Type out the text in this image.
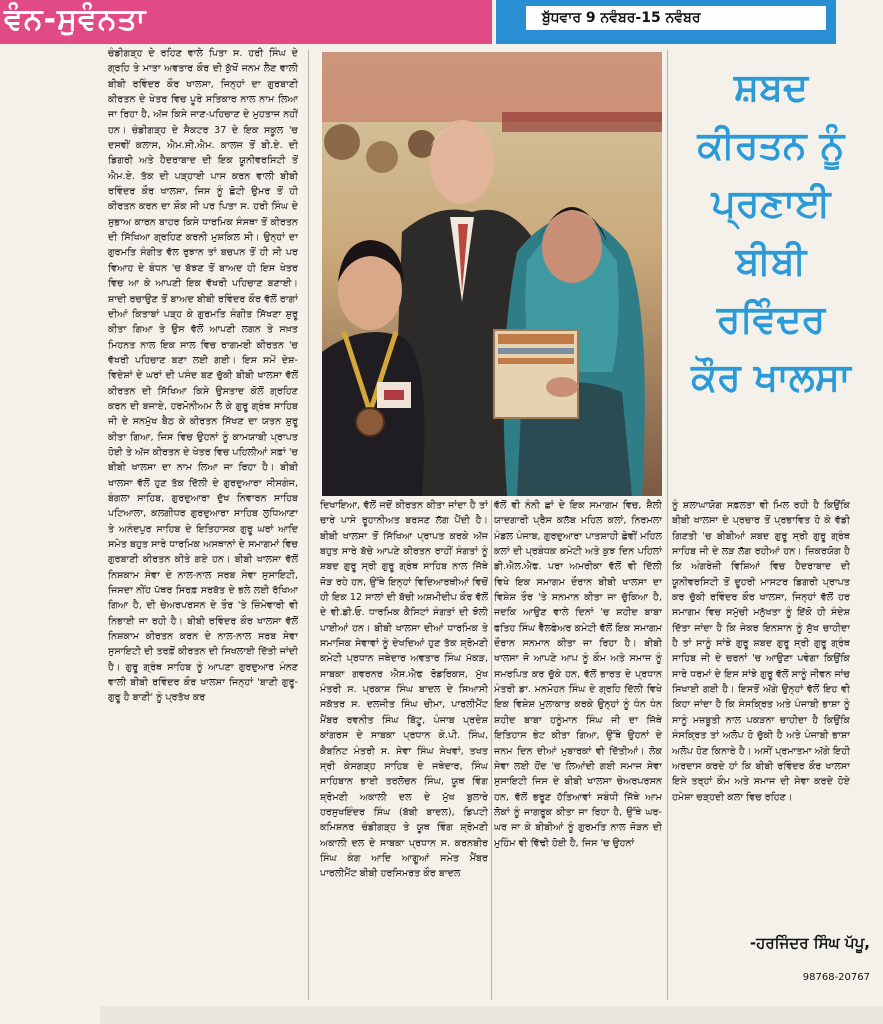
ਵੰਨ-ਸੁਵੰਨਤਾ	ਬੁੱਧਵਾਰ 9 ਨਵੰਬਰ-15 ਨਵੰਬਰ

ਚੰਡੀਗੜ੍ਹ ਦੇ ਰਹਿਣ ਵਾਲੇ ਪਿਤਾ ਸ. ਹਰੀ ਸਿੰਘ ਦੇ ਗ੍ਰਹਿ ਤੇ ਮਾਤਾ ਅਵਤਾਰ ਕੌਰ ਦੀ ਕੁੱਖੋਂ ਜਨਮ ਲੈਣ ਵਾਲੀ ਬੀਬੀ ਰਵਿੰਦਰ ਕੌਰ ਖਾਲਸਾ, ਜਿਨ੍ਹਾਂ ਦਾ ਗੁਰਬਾਣੀ ਕੀਰਤਨ ਦੇ ਖੇਤਰ ਵਿਚ ਪੂਰੇ ਸਤਿਕਾਰ ਨਾਲ ਨਾਮ ਲਿਆ ਜਾ ਰਿਹਾ ਹੈ, ਅੱਜ ਕਿਸੇ ਜਾਣ-ਪਹਿਚਾਣ ਦੇ ਮੁਹਤਾਜ ਨਹੀਂ ਹਨ। ਚੰਡੀਗੜ੍ਹ ਦੇ ਸੈਕਟਰ 37 ਦੇ ਇਕ ਸਕੂਲ 'ਚ ਦਸਵੀਂ ਕਲਾਸ, ਐਮ.ਸੀ.ਐਮ. ਕਾਲਜ ਤੋਂ ਬੀ.ਏ. ਦੀ ਡਿਗਰੀ ਅਤੇ ਹੈਦਰਾਬਾਦ ਦੀ ਇਕ ਯੂਨੀਵਰਸਿਟੀ ਤੋਂ ਐਮ.ਏ. ਤੱਕ ਦੀ ਪੜ੍ਹਾਈ ਪਾਸ ਕਰਨ ਵਾਲੀ ਬੀਬੀ ਰਵਿੰਦਰ ਕੌਰ ਖਾਲਸਾ, ਜਿਸ ਨੂੰ ਛੋਟੀ ਉਮਰ ਤੋਂ ਹੀ ਕੀਰਤਨ ਕਰਨ ਦਾ ਸ਼ੌਕ ਸੀ ਪਰ ਪਿਤਾ ਸ. ਹਰੀ ਸਿੰਘ ਦੇ ਸੁਭਾਅ ਕਾਰਨ ਬਾਹਰ ਕਿਸੇ ਧਾਰਮਿਕ ਸੰਸਥਾ ਤੋਂ ਕੀਰਤਨ ਦੀ ਸਿੱਖਿਆ ਗ੍ਰਹਿਣ ਕਰਨੀ ਮੁਸ਼ਕਿਲ ਸੀ। ਉਨ੍ਹਾਂ ਦਾ ਗੁਰਮਤਿ ਸੰਗੀਤ ਵੱਲ ਰੁਝਾਨ ਤਾਂ ਬਚਪਨ ਤੋਂ ਹੀ ਸੀ ਪਰ ਵਿਆਹ ਦੇ ਬੰਧਨ 'ਚ ਬੱਝਣ ਤੋਂ ਬਾਅਦ ਹੀ ਇਸ ਖੇਤਰ ਵਿਚ ਆ ਕੇ ਆਪਣੀ ਇਕ ਵੱਖਰੀ ਪਹਿਚਾਣ ਬਣਾਈ। ਸ਼ਾਦੀ ਰਚਾਉਣ ਤੋਂ ਬਾਅਦ ਬੀਬੀ ਰਵਿੰਦਰ ਕੌਰ ਵੱਲੋਂ ਰਾਗਾਂ ਦੀਆਂ ਕਿਤਾਬਾਂ ਪੜ੍ਹ ਕੇ ਗੁਰਮਤਿ ਸੰਗੀਤ ਸਿੱਖਣਾ ਸ਼ੁਰੂ ਕੀਤਾ ਗਿਆ ਤੇ ਉਸ ਵੱਲੋਂ ਆਪਣੀ ਲਗਨ ਤੇ ਸਖ਼ਤ ਮਿਹਨਤ ਨਾਲ ਇਕ ਸਾਲ ਵਿਚ ਰਾਗਮਈ ਕੀਰਤਨ 'ਚ ਵੱਖਰੀ ਪਹਿਚਾਣ ਬਣਾ ਲਈ ਗਈ। ਇਸ ਸਮੇਂ ਦੇਸ਼-ਵਿਦੇਸ਼ਾਂ ਦੇ ਘਰਾਂ ਦੀ ਪਸੰਦ ਬਣ ਚੁੱਕੀ ਬੀਬੀ ਖਾਲਸਾ ਵੱਲੋਂ ਕੀਰਤਨ ਦੀ ਸਿੱਖਿਆ ਕਿਸੇ ਉਸਤਾਦ ਕੋਲੋਂ ਗ੍ਰਹਿਣ ਕਰਨ ਦੀ ਬਜਾਏ, ਹਰਮੋਨੀਅਮ ਲੈ ਕੇ ਗੁਰੂ ਗ੍ਰੰਥ ਸਾਹਿਬ ਜੀ ਦੇ ਸਨਮੁੱਖ ਬੈਠ ਕੇ ਕੀਰਤਨ ਸਿੱਖਣ ਦਾ ਯਤਨ ਸ਼ੁਰੂ ਕੀਤਾ ਗਿਆ, ਜਿਸ ਵਿਚ ਉਹਨਾਂ ਨੂੰ ਕਾਮਯਾਬੀ ਪ੍ਰਾਪਤ ਹੋਈ ਤੇ ਅੱਜ ਕੀਰਤਨ ਦੇ ਖੇਤਰ ਵਿਚ ਪਹਿਲੀਆਂ ਸਫ਼ਾਂ 'ਚ ਬੀਬੀ ਖਾਲਸਾ ਦਾ ਨਾਮ ਲਿਆ ਜਾ ਰਿਹਾ ਹੈ। ਬੀਬੀ ਖਾਲਸਾ ਵੱਲੋਂ ਹੁਣ ਤੱਕ ਦਿੱਲੀ ਦੇ ਗੁਰਦੁਆਰਾ ਸੀਸਗੰਜ, ਬੰਗਲਾ ਸਾਹਿਬ, ਗੁਰਦੁਆਰਾ ਦੁੱਖ ਨਿਵਾਰਨ ਸਾਹਿਬ ਪਟਿਆਲਾ, ਕਲਗੀਧਰ ਗੁਰਦੁਆਰਾ ਸਾਹਿਬ ਲੁਧਿਆਣਾ ਤੇ ਅਨੰਦਪੁਰ ਸਾਹਿਬ ਦੇ ਇਤਿਹਾਸਕ ਗੁਰੂ ਘਰਾਂ ਆਦਿ ਸਮੇਤ ਬਹੁਤ ਸਾਰੇ ਧਾਰਮਿਕ ਅਸਥਾਨਾਂ ਦੇ ਸਮਾਗਮਾਂ ਵਿਚ ਗੁਰਬਾਣੀ ਕੀਰਤਨ ਕੀਤੇ ਗਏ ਹਨ। ਬੀਬੀ ਖਾਲਸਾ ਵੱਲੋਂ ਨਿਸ਼ਕਾਮ ਸੇਵਾ ਦੇ ਨਾਲ-ਨਾਲ ਸਰਬ ਸੇਵਾ ਸੁਸਾਇਟੀ, ਜਿਸਦਾ ਨੀਂਹ ਪੱਥਰ ਸਿਰਫ਼ ਸਰਬੱਤ ਦੇ ਭਲੇ ਲਈ ਰੱਖਿਆ ਗਿਆ ਹੈ, ਦੀ ਚੇਅਰਪਰਸਨ ਦੇ ਤੌਰ 'ਤੇ ਜ਼ਿੰਮੇਵਾਰੀ ਵੀ ਨਿਭਾਈ ਜਾ ਰਹੀ ਹੈ। ਬੀਬੀ ਰਵਿੰਦਰ ਕੌਰ ਖਾਲਸਾ ਵੱਲੋਂ ਨਿਸ਼ਕਾਮ ਕੀਰਤਨ ਕਰਨ ਦੇ ਨਾਲ-ਨਾਲ ਸਰਬ ਸੇਵਾ ਸੁਸਾਇਟੀ ਦੀ ਤਰਫ਼ੋਂ ਕੀਰਤਨ ਦੀ ਸਿਖਲਾਈ ਦਿੱਤੀ ਜਾਂਦੀ ਹੈ। ਗੁਰੂ ਗ੍ਰੰਥ ਸਾਹਿਬ ਨੂੰ ਆਪਣਾ ਗੁਰਦੁਆਰ ਮੰਨਣ ਵਾਲੀ ਬੀਬੀ ਰਵਿੰਦਰ ਕੌਰ ਖਾਲਸਾ ਜਿਨ੍ਹਾਂ 'ਬਾਣੀ ਗੁਰੂ-ਗੁਰੂ ਹੈ ਬਾਣੀ' ਨੂੰ ਪ੍ਰਤੱਖ ਕਰ

ਦਿਖਾਇਆ, ਵੱਲੋਂ ਜਦੋਂ ਕੀਰਤਨ ਕੀਤਾ ਜਾਂਦਾ ਹੈ ਤਾਂ ਚਾਰੇ ਪਾਸੇ ਰੂਹਾਨੀਅਤ ਬਰਸਣ ਲੱਗ ਪੈਂਦੀ ਹੈ। ਬੀਬੀ ਖਾਲਸਾ ਤੋਂ ਸਿੱਖਿਆ ਪ੍ਰਾਪਤ ਕਰਕੇ ਅੱਜ ਬਹੁਤ ਸਾਰੇ ਬੱਚੇ ਆਪਣੇ ਕੀਰਤਨ ਰਾਹੀਂ ਸੰਗਤਾਂ ਨੂੰ ਸ਼ਬਦ ਗੁਰੂ ਸ੍ਰੀ ਗੁਰੂ ਗ੍ਰੰਥ ਸਾਹਿਬ ਨਾਲ ਜਿੱਥੇ ਜੋੜ ਰਹੇ ਹਨ, ਉੱਥੇ ਇਨ੍ਹਾਂ ਵਿਦਿਆਰਥੀਆਂ ਵਿਚੋਂ ਹੀ ਇਕ 12 ਸਾਲਾਂ ਦੀ ਬੱਚੀ ਅਸ਼ਮੀਦੀਪ ਕੌਰ ਵੱਲੋਂ ਦੇ ਵੀ.ਡੀ.ਓ. ਧਾਰਮਿਕ ਕੈਸਿਟਾਂ ਸੰਗਤਾਂ ਦੀ ਝੋਲੀ ਪਾਈਆਂ ਹਨ। ਬੀਬੀ ਖਾਲਸਾ ਦੀਆਂ ਧਾਰਮਿਕ ਤੇ ਸਮਾਜਿਕ ਸੇਵਾਵਾਂ ਨੂੰ ਦੇਖਦਿਆਂ ਹੁਣ ਤੱਕ ਸ਼੍ਰੋਮਣੀ ਕਮੇਟੀ ਪ੍ਰਧਾਨ ਜਥੇਦਾਰ ਅਵਤਾਰ ਸਿੰਘ ਮੱਕੜ, ਸਾਬਕਾ ਗਵਰਨਰ ਐਸ.ਐਫ ਰੋਡਰਿਕਸ, ਮੁੱਖ ਮੰਤਰੀ ਸ. ਪ੍ਰਕਾਸ਼ ਸਿੰਘ ਬਾਦਲ ਦੇ ਸਿਆਸੀ ਸਕੱਤਰ ਸ. ਦਲਜੀਤ ਸਿੰਘ ਚੀਮਾ, ਪਾਰਲੀਮੈਂਟ ਮੈਂਬਰ ਰਵਨੀਤ ਸਿੰਘ ਬਿੱਟੂ, ਪੰਜਾਬ ਪ੍ਰਦੇਸ਼ ਕਾਂਗਰਸ ਦੇ ਸਾਬਕਾ ਪ੍ਰਧਾਨ ਕੇ.ਪੀ. ਸਿੰਘ, ਕੈਬਨਿਟ ਮੰਤਰੀ ਸ. ਸੇਵਾ ਸਿੰਘ ਸੇਖਵਾਂ, ਤਖਤ ਸ੍ਰੀ ਕੇਸਗੜ੍ਹ ਸਾਹਿਬ ਦੇ ਜਥੇਦਾਰ, ਸਿੰਘ ਸਾਹਿਬਾਨ ਭਾਈ ਤਰਲੋਚਨ ਸਿੰਘ, ਯੂਥ ਵਿੰਗ ਸ਼੍ਰੋਮਣੀ ਅਕਾਲੀ ਦਲ ਦੇ ਮੁੱਖ ਬੁਲਾਰੇ ਹਰਸੁਖਇੰਦਰ ਸਿੰਘ (ਬੱਬੀ ਬਾਦਲ), ਡਿਪਟੀ ਕਮਿਸ਼ਨਰ ਚੰਡੀਗੜ੍ਹ ਤੇ ਯੂਥ ਵਿੰਗ ਸ਼੍ਰੋਮਣੀ ਅਕਾਲੀ ਦਲ ਦੇ ਸਾਬਕਾ ਪ੍ਰਧਾਨ ਸ. ਕਰਨਬੀਰ ਸਿੰਘ ਕੰਗ ਆਦਿ ਆਗੂਆਂ ਸਮੇਤ ਮੈਂਬਰ ਪਾਰਲੀਮੈਂਟ ਬੀਬੀ ਹਰਸਿਮਰਤ ਕੌਰ ਬਾਦਲ

ਵੱਲੋਂ ਵੀ ਨੰਨੀ ਛਾਂ ਦੇ ਇਕ ਸਮਾਗਮ ਵਿਚ, ਸ਼ੈਲੀ ਯਾਦਗਾਰੀ ਪ੍ਰੈਸ ਕਲੱਬ ਮਹਿਲ ਕਲਾਂ, ਨਿਰਮਲਾ ਮੰਡਲ ਪੰਜਾਬ, ਗੁਰਦੁਆਰਾ ਪਾਤਸ਼ਾਹੀ ਛੇਵੀਂ ਮਹਿਲ ਕਲਾਂ ਦੀ ਪ੍ਰਬੰਧਕ ਕਮੇਟੀ ਅਤੇ ਕੁਝ ਦਿਨ ਪਹਿਲਾਂ ਡੀ.ਐਲ.ਐਫ. ਪਰਾ ਅਮਰੀਕਾ ਵੱਲੋਂ ਵੀ ਦਿੱਲੀ ਵਿਖੇ ਇਕ ਸਮਾਗਮ ਦੌਰਾਨ ਬੀਬੀ ਖਾਲਸਾ ਦਾ ਵਿਸ਼ੇਸ਼ ਤੌਰ 'ਤੇ ਸਨਮਾਨ ਕੀਤਾ ਜਾ ਚੁੱਕਿਆ ਹੈ, ਜਦਕਿ ਆਉਣ ਵਾਲੇ ਦਿਨਾਂ 'ਚ ਸ਼ਹੀਦ ਬਾਬਾ ਫਤਿਹ ਸਿੰਘ ਵੈੱਲਫੇਅਰ ਕਮੇਟੀ ਵੱਲੋਂ ਇਕ ਸਮਾਗਮ ਦੌਰਾਨ ਸਨਮਾਨ ਕੀਤਾ ਜਾ ਰਿਹਾ ਹੈ। ਬੀਬੀ ਖਾਲਸਾ ਜੋ ਆਪਣੇ ਆਪ ਨੂੰ ਕੌਮ ਅਤੇ ਸਮਾਜ ਨੂੰ ਸਮਰਪਿਤ ਕਰ ਚੁੱਕੇ ਹਨ, ਵੱਲੋਂ ਭਾਰਤ ਦੇ ਪ੍ਰਧਾਨ ਮੰਤਰੀ ਡਾ. ਮਨਮੋਹਨ ਸਿੰਘ ਦੇ ਗ੍ਰਹਿ ਦਿੱਲੀ ਵਿਖੇ ਇਕ ਵਿਸ਼ੇਸ਼ ਮੁਲਾਕਾਤ ਕਰਕੇ ਉਨ੍ਹਾਂ ਨੂੰ ਧੰਨ ਧੰਨ ਸ਼ਹੀਦ ਬਾਬਾ ਹਨੂੰਮਾਨ ਸਿੰਘ ਜੀ ਦਾ ਜਿੱਥੇ ਇਤਿਹਾਸ ਭੇਟ ਕੀਤਾ ਗਿਆ, ਉੱਥੇ ਉਹਨਾਂ ਦੇ ਜਨਮ ਦਿਨ ਦੀਆਂ ਮੁਬਾਰਕਾਂ ਵੀ ਦਿੱਤੀਆਂ। ਲੋਕ ਸੇਵਾ ਲਈ ਹੋਂਦ 'ਚ ਲਿਆਂਦੀ ਗਈ ਸਮਾਜ ਸੇਵਾ ਸੁਸਾਇਟੀ ਜਿਸ ਦੇ ਬੀਬੀ ਖਾਲਸਾ ਚੇਅਰਪਰਸਨ ਹਨ, ਵੱਲੋਂ ਭਰੂਣ ਹੱਤਿਆਵਾਂ ਸਬੰਧੀ ਜਿੱਥੇ ਆਮ ਲੋਕਾਂ ਨੂੰ ਜਾਗਰੂਕ ਕੀਤਾ ਜਾ ਰਿਹਾ ਹੈ, ਉੱਥੇ ਘਰ-ਘਰ ਜਾ ਕੇ ਬੀਬੀਆਂ ਨੂੰ ਗੁਰਮਤਿ ਨਾਲ ਜੋੜਨ ਦੀ ਮੁਹਿੰਮ ਵੀ ਵਿੱਢੀ ਹੋਈ ਹੈ, ਜਿਸ 'ਚ ਉਹਨਾਂ

ਸ਼ਬਦ
ਕੀਰਤਨ ਨੂੰ
ਪ੍ਰਣਾਈ
ਬੀਬੀ
ਰਵਿੰਦਰ
ਕੌਰ ਖਾਲਸਾ

ਨੂੰ ਸ਼ਲਾਘਾਯੋਗ ਸਫ਼ਲਤਾ ਵੀ ਮਿਲ ਰਹੀ ਹੈ ਕਿਉਂਕਿ ਬੀਬੀ ਖਾਲਸਾ ਦੇ ਪ੍ਰਚਾਰ ਤੋਂ ਪ੍ਰਭਾਵਿਤ ਹੋ ਕੇ ਵੱਡੀ ਗਿਣਤੀ 'ਚ ਬੀਬੀਆਂ ਸ਼ਬਦ ਗੁਰੂ ਸ੍ਰੀ ਗੁਰੂ ਗ੍ਰੰਥ ਸਾਹਿਬ ਜੀ ਦੇ ਲੜ ਲੱਗ ਰਹੀਆਂ ਹਨ। ਜ਼ਿਕਰਯੋਗ ਹੈ ਕਿ ਅੰਗਰੇਜ਼ੀ ਵਿਸ਼ਿਆਂ ਵਿਚ ਹੈਦਰਾਬਾਦ ਦੀ ਯੂਨੀਵਰਸਿਟੀ ਤੋਂ ਦੂਹਰੀ ਮਾਸਟਰ ਡਿਗਰੀ ਪ੍ਰਾਪਤ ਕਰ ਚੁੱਕੀ ਰਵਿੰਦਰ ਕੌਰ ਖਾਲਸਾ, ਜਿਨ੍ਹਾਂ ਵੱਲੋਂ ਹਰ ਸਮਾਗਮ ਵਿਚ ਸਮੁੱਚੀ ਮਨੁੱਖਤਾ ਨੂੰ ਇੱਕੋ ਹੀ ਸੰਦੇਸ਼ ਦਿੱਤਾ ਜਾਂਦਾ ਹੈ ਕਿ ਜੇਕਰ ਇਨਸਾਨ ਨੂੰ ਸੁੱਖ ਚਾਹੀਦਾ ਹੈ ਤਾਂ ਸਾਨੂੰ ਸਾਂਝੇ ਗੁਰੂ ਸ਼ਬਦ ਗੁਰੂ ਸ੍ਰੀ ਗੁਰੂ ਗ੍ਰੰਥ ਸਾਹਿਬ ਜੀ ਦੇ ਚਰਨਾਂ 'ਚ ਆਉਣਾ ਪਵੇਗਾ ਕਿਉਂਕਿ ਸਾਰੇ ਧਰਮਾਂ ਦੇ ਇਸ ਸਾਂਝੇ ਗੁਰੂ ਵੱਲੋਂ ਸਾਨੂੰ ਜੀਵਨ ਜਾਂਚ ਸਿਖਾਈ ਗਈ ਹੈ। ਇਸਤੋਂ ਅੱਗੇ ਉਨ੍ਹਾਂ ਵੱਲੋਂ ਇਹ ਵੀ ਕਿਹਾ ਜਾਂਦਾ ਹੈ ਕਿ ਸੰਸਕ੍ਰਿਤ ਅਤੇ ਪੰਜਾਬੀ ਭਾਸ਼ਾ ਨੂੰ ਸਾਨੂੰ ਮਜ਼ਬੂਤੀ ਨਾਲ ਪਕੜਨਾ ਚਾਹੀਦਾ ਹੈ ਕਿਉਂਕਿ ਸੰਸਕ੍ਰਿਤ ਤਾਂ ਅਲੋਪ ਹੋ ਚੁੱਕੀ ਹੈ ਅਤੇ ਪੰਜਾਬੀ ਭਾਸ਼ਾ ਅਲੋਪ ਹੋਣ ਕਿਨਾਰੇ ਹੈ। ਅਸੀਂ ਪ੍ਰਮਾਤਮਾ ਅੱਗੇ ਇਹੀ ਅਰਦਾਸ ਕਰਦੇ ਹਾਂ ਕਿ ਬੀਬੀ ਰਵਿੰਦਰ ਕੌਰ ਖਾਲਸਾ ਇਸੇ ਤਰ੍ਹਾਂ ਕੌਮ ਅਤੇ ਸਮਾਜ ਦੀ ਸੇਵਾ ਕਰਦੇ ਹੋਏ ਹਮੇਸ਼ਾ ਚੜ੍ਹਦੀ ਕਲਾ ਵਿਚ ਰਹਿਣ।

-ਹਰਜਿੰਦਰ ਸਿੰਘ ਪੱਪੂ,
98768-20767
